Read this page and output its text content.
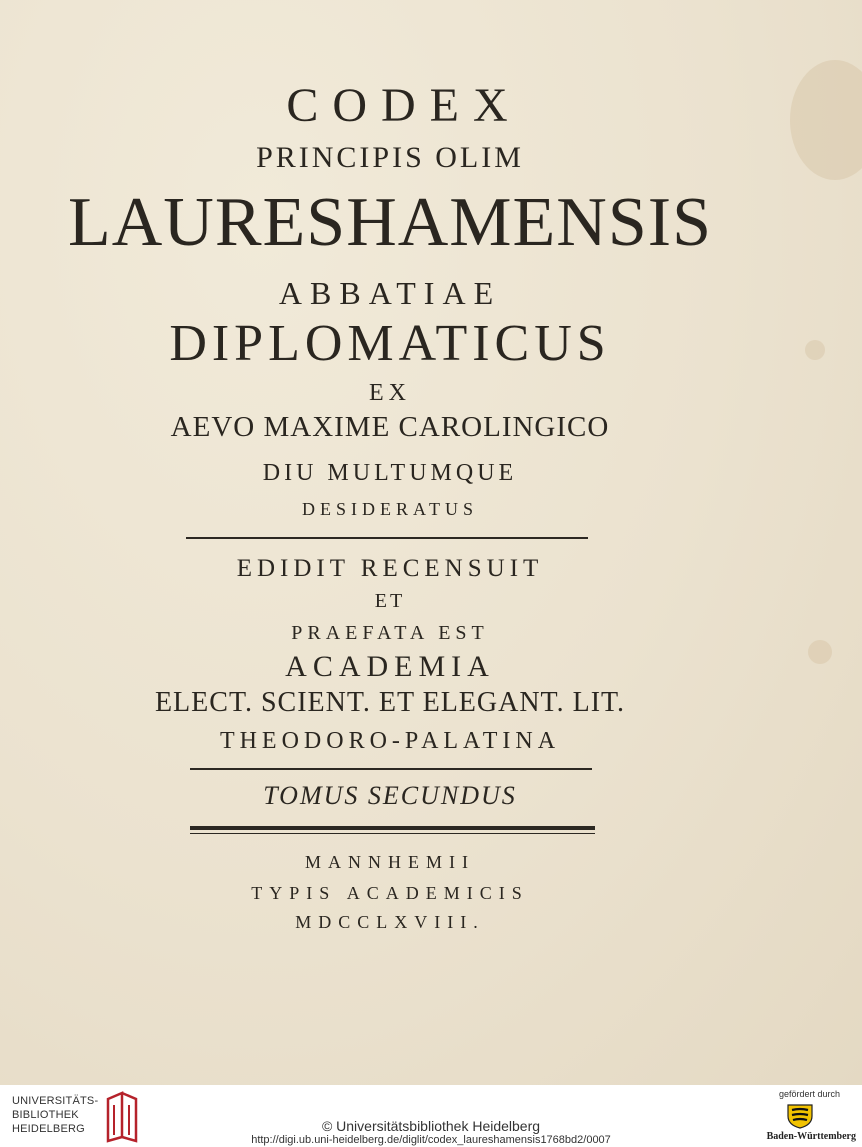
CODEX
PRINCIPIS OLIM
LAURESHAMENSIS
ABBATIAE
DIPLOMATICUS
EX
AEVO MAXIME CAROLINGICO
DIU MULTUMQUE
DESIDERATUS
EDIDIT RECENSUIT
ET
PRAEFATA EST
ACADEMIA
ELECT. SCIENT. ET ELEGANT. LIT.
THEODORO-PALATINA
TOMUS SECUNDUS
MANNHEMII
TYPIS ACADEMICIS
MDCCLXVIII.
UNIVERSITÄTS-
BIBLIOTHEK
HEIDELBERG	© Universitätsbibliothek Heidelberg
http://digi.ub.uni-heidelberg.de/diglit/codex_laureshamensis1768bd2/0007
gefördert durch
Baden-Württemberg
